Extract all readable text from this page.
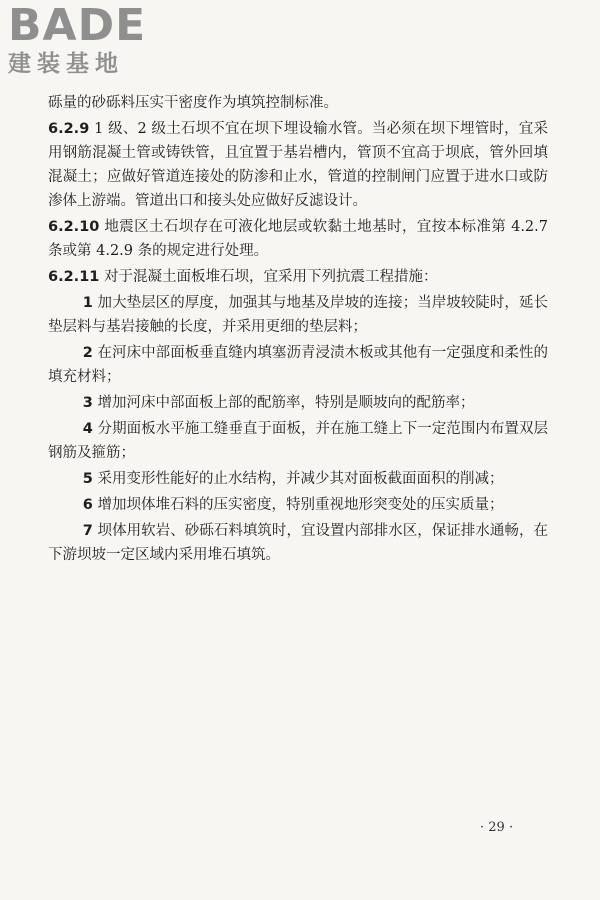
BADE
建装基地

砾量的砂砾料压实干密度作为填筑控制标准。

6.2.9 1 级、2 级土石坝不宜在坝下埋设输水管。当必须在坝下埋管时，宜采用钢筋混凝土管或铸铁管，且宜置于基岩槽内，管顶不宜高于坝底，管外回填混凝土；应做好管道连接处的防渗和止水，管道的控制闸门应置于进水口或防渗体上游端。管道出口和接头处应做好反滤设计。

6.2.10 地震区土石坝存在可液化地层或软黏土地基时，宜按本标准第 4.2.7 条或第 4.2.9 条的规定进行处理。

6.2.11 对于混凝土面板堆石坝，宜采用下列抗震工程措施：

1 加大垫层区的厚度，加强其与地基及岸坡的连接；当岸坡较陡时，延长垫层料与基岩接触的长度，并采用更细的垫层料；

2 在河床中部面板垂直缝内填塞沥青浸渍木板或其他有一定强度和柔性的填充材料；

3 增加河床中部面板上部的配筋率，特别是顺坡向的配筋率；

4 分期面板水平施工缝垂直于面板，并在施工缝上下一定范围内布置双层钢筋及箍筋；

5 采用变形性能好的止水结构，并减少其对面板截面面积的削减；

6 增加坝体堆石料的压实密度，特别重视地形突变处的压实质量；

7 坝体用软岩、砂砾石料填筑时，宜设置内部排水区，保证排水通畅，在下游坝坡一定区域内采用堆石填筑。

· 29 ·
